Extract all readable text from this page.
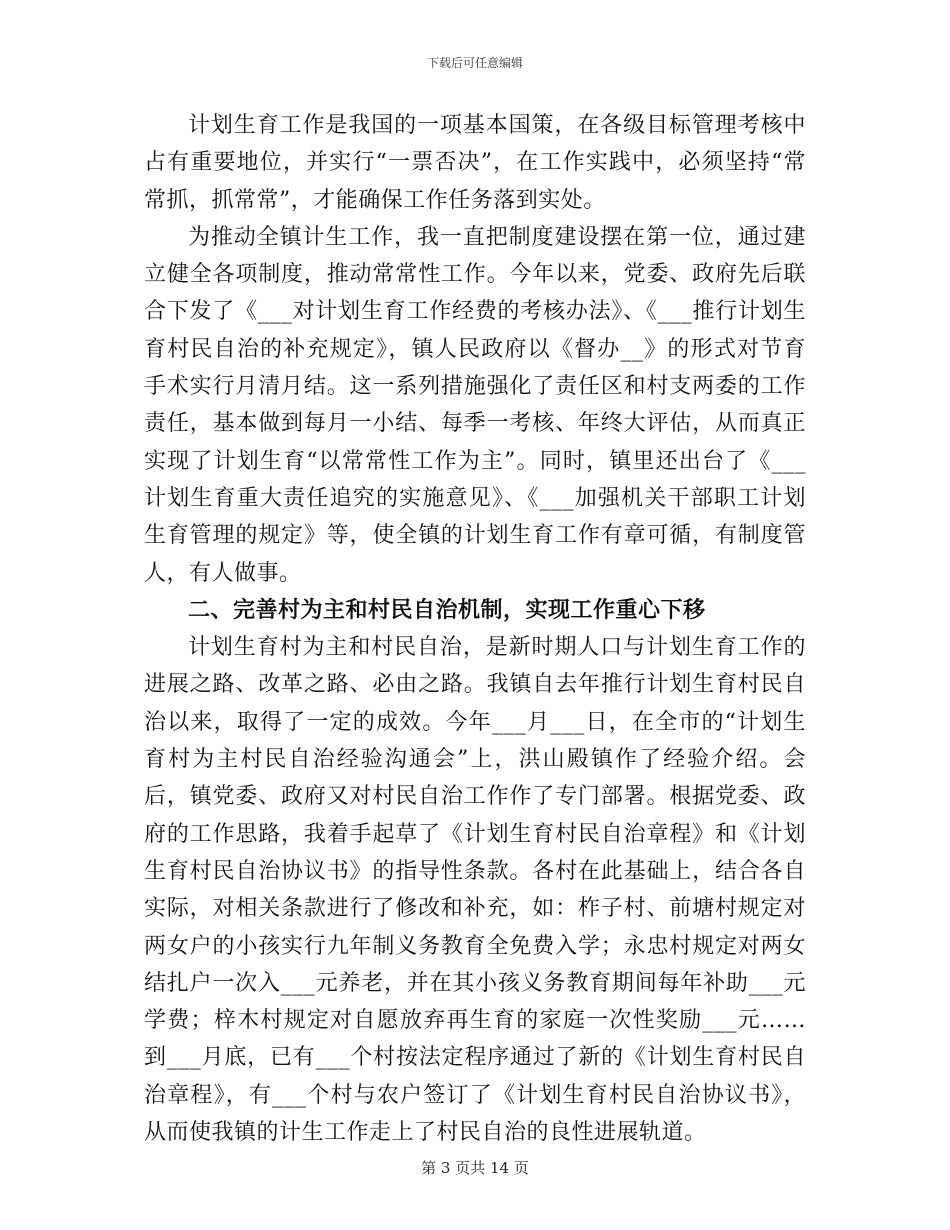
下载后可任意编辑

计划生育工作是我国的一项基本国策，在各级目标管理考核中占有重要地位，并实行“一票否决”，在工作实践中，必须坚持“常常抓，抓常常”，才能确保工作任务落到实处。

为推动全镇计生工作，我一直把制度建设摆在第一位，通过建立健全各项制度，推动常常性工作。今年以来，党委、政府先后联合下发了《___对计划生育工作经费的考核办法》、《___推行计划生育村民自治的补充规定》，镇人民政府以《督办__》的形式对节育手术实行月清月结。这一系列措施强化了责任区和村支两委的工作责任，基本做到每月一小结、每季一考核、年终大评估，从而真正实现了计划生育“以常常性工作为主”。同时，镇里还出台了《___计划生育重大责任追究的实施意见》、《___加强机关干部职工计划生育管理的规定》等，使全镇的计划生育工作有章可循，有制度管人，有人做事。

二、完善村为主和村民自治机制，实现工作重心下移

计划生育村为主和村民自治，是新时期人口与计划生育工作的进展之路、改革之路、必由之路。我镇自去年推行计划生育村民自治以来，取得了一定的成效。今年___月___日，在全市的“计划生育村为主村民自治经验沟通会”上，洪山殿镇作了经验介绍。会后，镇党委、政府又对村民自治工作作了专门部署。根据党委、政府的工作思路，我着手起草了《计划生育村民自治章程》和《计划生育村民自治协议书》的指导性条款。各村在此基础上，结合各自实际，对相关条款进行了修改和补充，如：柞子村、前塘村规定对两女户的小孩实行九年制义务教育全免费入学；永忠村规定对两女结扎户一次入___元养老，并在其小孩义务教育期间每年补助___元学费；梓木村规定对自愿放弃再生育的家庭一次性奖励___元……到___月底，已有___个村按法定程序通过了新的《计划生育村民自治章程》，有___个村与农户签订了《计划生育村民自治协议书》，从而使我镇的计生工作走上了村民自治的良性进展轨道。

第 3 页共 14 页
